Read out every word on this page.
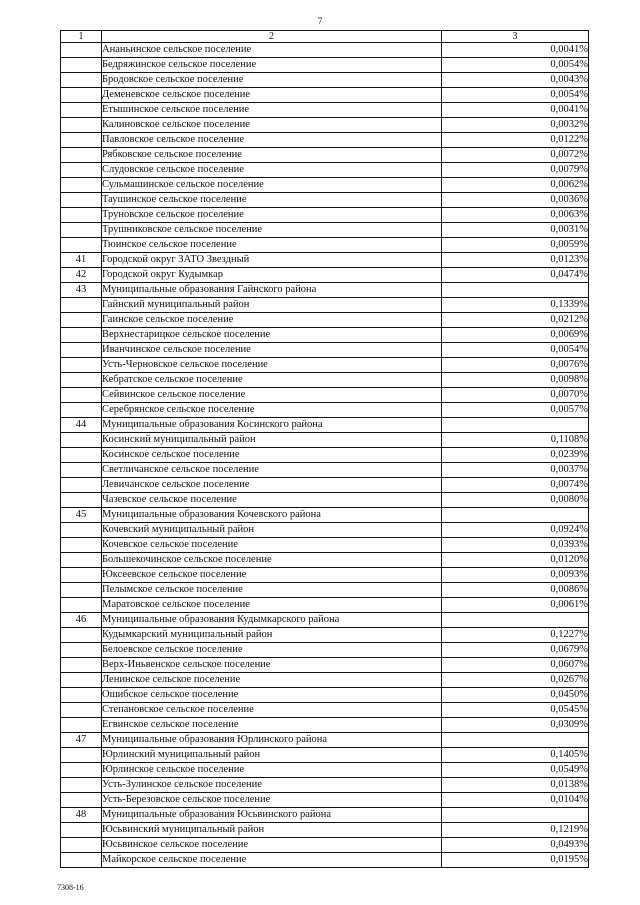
7
1	2	3
	Ананьинское сельское поселение	0,0041%
	Бедряжинское сельское поселение	0,0054%
	Бродовское сельское поселение	0,0043%
	Деменевское сельское поселение	0,0054%
	Етышинское сельское поселение	0,0041%
	Калиновское сельское поселение	0,0032%
	Павловское сельское поселение	0,0122%
	Рябковское сельское поселение	0,0072%
	Слудовское сельское поселение	0,0079%
	Сульмашинское сельское поселение	0,0062%
	Таушинское сельское поселение	0,0036%
	Труновское сельское поселение	0,0063%
	Трушниковское сельское поселение	0,0031%
	Тюинское сельское поселение	0,0059%
41	Городской округ ЗАТО Звездный	0,0123%
42	Городской округ Кудымкар	0,0474%
43	Муниципальные образования Гайнского района	
	Гайнский муниципальный район	0,1339%
	Гаинское сельское поселение	0,0212%
	Верхнестарицкое сельское поселение	0,0069%
	Иванчинское сельское поселение	0,0054%
	Усть-Черновское сельское поселение	0,0076%
	Кебратское сельское поселение	0,0098%
	Сейвинское сельское поселение	0,0070%
	Серебрянское сельское поселение	0,0057%
44	Муниципальные образования Косинского района	
	Косинский муниципальный район	0,1108%
	Косинское сельское поселение	0,0239%
	Светличанское сельское поселение	0,0037%
	Левичанское сельское поселение	0,0074%
	Чазевское сельское поселение	0,0080%
45	Муниципальные образования Кочевского района	
	Кочевский муниципальный район	0,0924%
	Кочевское сельское поселение	0,0393%
	Большекочинское сельское поселение	0,0120%
	Юксеевское сельское поселение	0,0093%
	Пелымское сельское поселение	0,0086%
	Маратовское сельское поселение	0,0061%
46	Муниципальные образования Кудымкарского района	
	Кудымкарский муниципальный район	0,1227%
	Белоевское сельское поселение	0,0679%
	Верх-Иньвенское сельское поселение	0,0607%
	Ленинское сельское поселение	0,0267%
	Ошибское сельское поселение	0,0450%
	Степановское сельское поселение	0,0545%
	Егвинское сельское поселение	0,0309%
47	Муниципальные образования Юрлинского района	
	Юрлинский муниципальный район	0,1405%
	Юрлинское сельское поселение	0,0549%
	Усть-Зулинское сельское поселение	0,0138%
	Усть-Березовское сельское поселение	0,0104%
48	Муниципальные образования Юсьвинского района	
	Юсьвинский муниципальный район	0,1219%
	Юсьвинское сельское поселение	0,0493%
	Майкорское сельское поселение	0,0195%
7308-16
